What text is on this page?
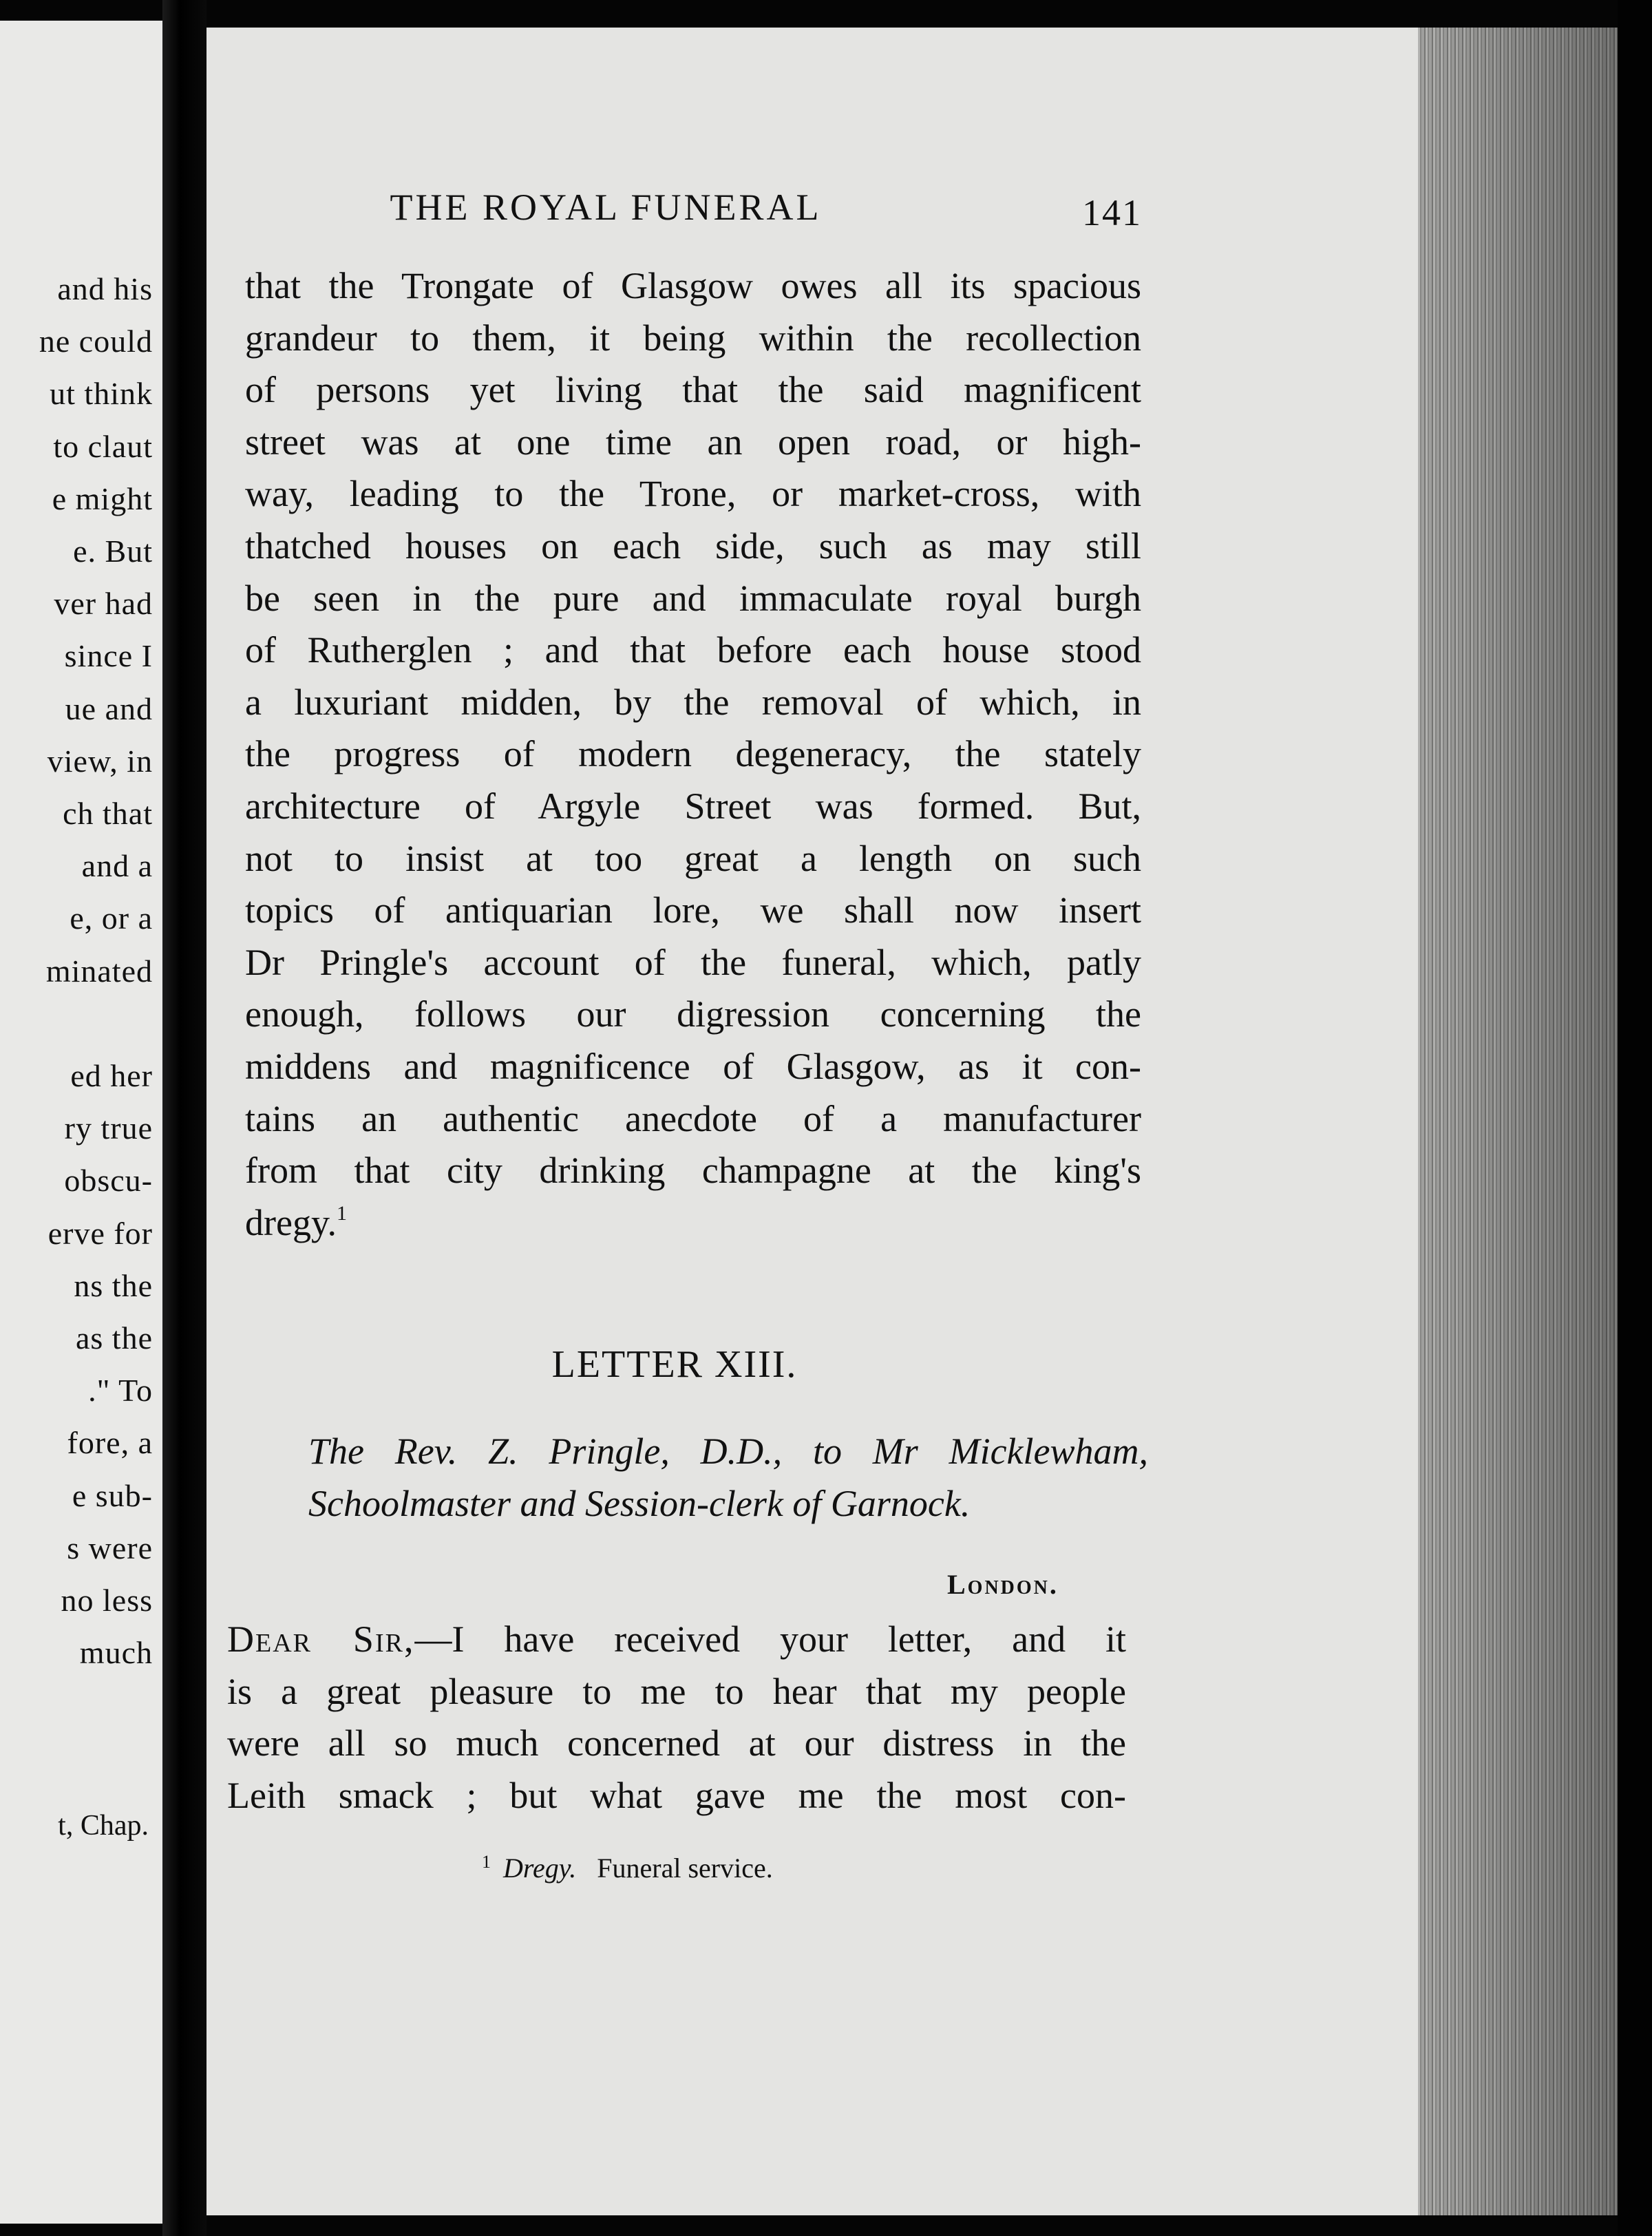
and his
ne could
ut think
to claut
e might
e. But
ver had
since I
ue and
view, in
ch that
and a
e, or a
minated
ed her
ry true
obscu-
erve for
ns the
as the
." To
fore, a
e sub-
s were
no less
much
t, Chap.
THE ROYAL FUNERAL	141
that the Trongate of Glasgow owes all its spacious
grandeur to them, it being within the recollection
of persons yet living that the said magnificent
street was at one time an open road, or high-
way, leading to the Trone, or market-cross, with
thatched houses on each side, such as may still
be seen in the pure and immaculate royal burgh
of Rutherglen ; and that before each house stood
a luxuriant midden, by the removal of which, in
the progress of modern degeneracy, the stately
architecture of Argyle Street was formed. But,
not to insist at too great a length on such
topics of antiquarian lore, we shall now insert
Dr Pringle's account of the funeral, which, patly
enough, follows our digression concerning the
middens and magnificence of Glasgow, as it con-
tains an authentic anecdote of a manufacturer
from that city drinking champagne at the king's
dregy.$^1$
LETTER XIII.
The Rev. Z. Pringle, D.D., to Mr Micklewham,
Schoolmaster and Session-clerk of Garnock.
London.
Dear Sir,—I have received your letter, and it
is a great pleasure to me to hear that my people
were all so much concerned at our distress in the
Leith smack ; but what gave me the most con-
$^1$ Dregy. Funeral service.
